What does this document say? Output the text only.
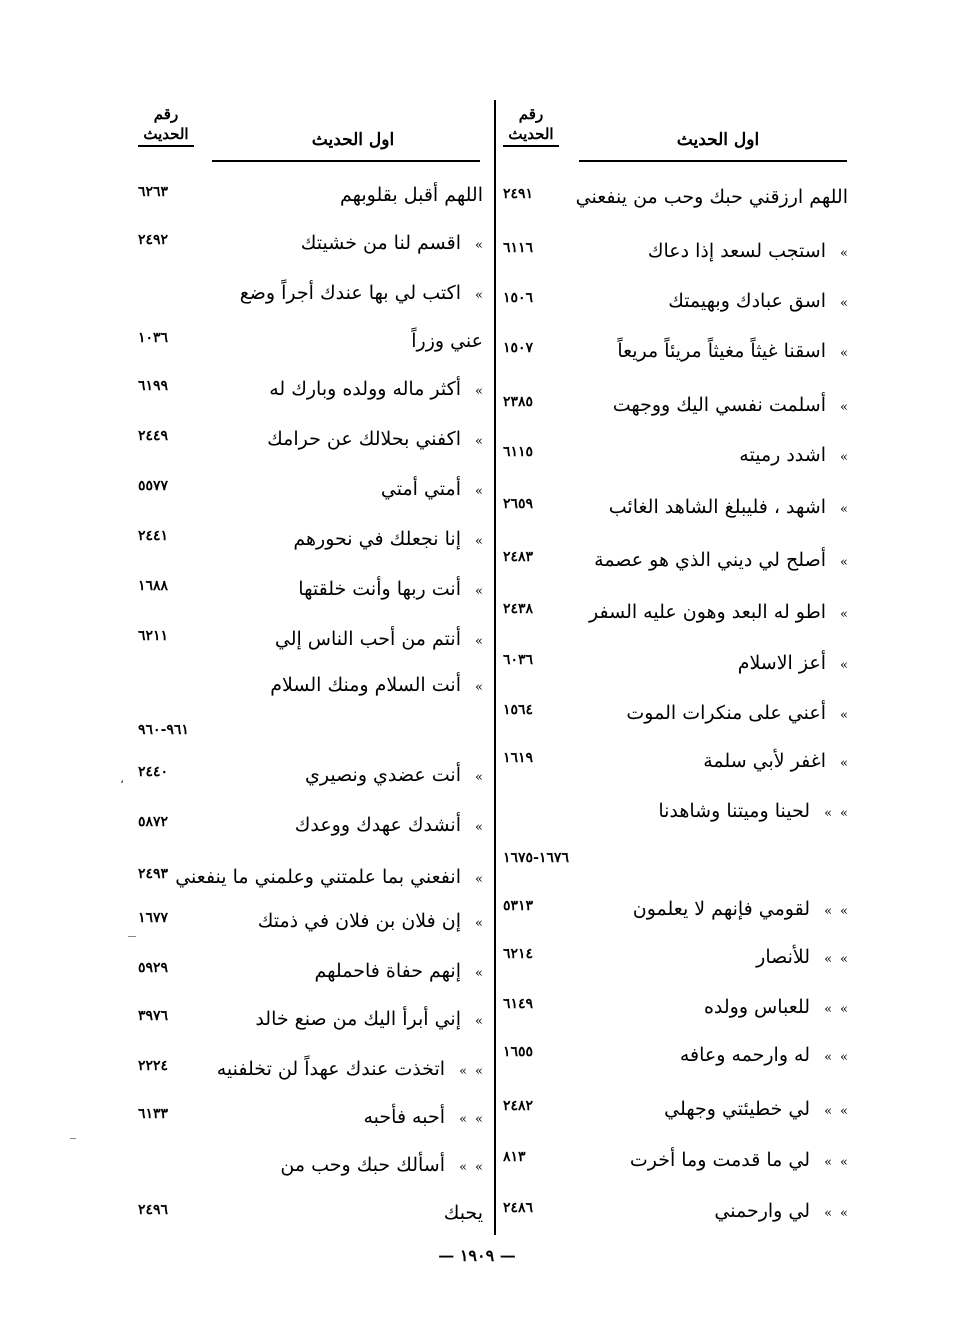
رقم
الحديث	اول الحديث
٢٤٩١	اللهم ارزقني حبك وحب من ينفعني
٦١١٦	» استجب لسعد إذا دعاك
١٥٠٦	» اسق عبادك وبهيمتك
١٥٠٧	» اسقنا غيثاً مغيثاً مريئاً مريعاً
٢٣٨٥	» أسلمت نفسي اليك ووجهت
٦١١٥	» اشدد رميته
٢٦٥٩	» اشهد ، فليبلغ الشاهد الغائب
٢٤٨٣	» أصلح لي ديني الذي هو عصمة
٢٤٣٨	» اطو له البعد وهون عليه السفر
٦٠٣٦	» أعز الاسلام
١٥٦٤	» أعني على منكرات الموت
١٦١٩	» اغفر لأبي سلمة
»» لحينا وميتنا وشاهدنا
١٦٧٦-١٦٧٥
٥٣١٣	»» لقومي فإنهم لا يعلمون
٦٢١٤	»» للأنصار
٦١٤٩	»» للعباس وولده
١٦٥٥	»» له وارحمه وعافه
٢٤٨٢	»» لي خطيئتي وجهلي
٨١٣	»» لي ما قدمت وما أخرت
٢٤٨٦	»» لي وارحمني
رقم
الحديث	اول الحديث
٦٢٦٣	اللهم أقبل بقلوبهم
٢٤٩٢	» اقسم لنا من خشيتك
» اكتب لي بها عندك أجراً وضع
١٠٣٦	عني وزراً
٦١٩٩	» أكثر ماله وولده وبارك له
٢٤٤٩	» اكفني بحلالك عن حرامك
٥٥٧٧	» أمتي أمتي
٢٤٤١	» إنا نجعلك في نحورهم
١٦٨٨	» أنت ربها وأنت خلقتها
٦٢١١	» أنتم من أحب الناس إلي
» أنت السلام ومنك السلام
٩٦١-٩٦٠
٢٤٤٠	» أنت عضدي ونصيري
٥٨٧٢	» أنشدك عهدك ووعدك
٢٤٩٣	» انفعني بما علمتني وعلمني ما ينفعني
١٦٧٧	» إن فلان بن فلان في ذمتك
٥٩٢٩	» إنهم حفاة فاحملهم
٣٩٧٦	» إني أبرأ اليك من صنع خالد
٢٢٢٤	»» اتخذت عندك عهداً لن تخلفنيه
٦١٣٣	»» أحبه فأحبه
»» أسألك حبك وحب من
٢٤٩٦	يحبك
،
— ١٩٠٩ —
